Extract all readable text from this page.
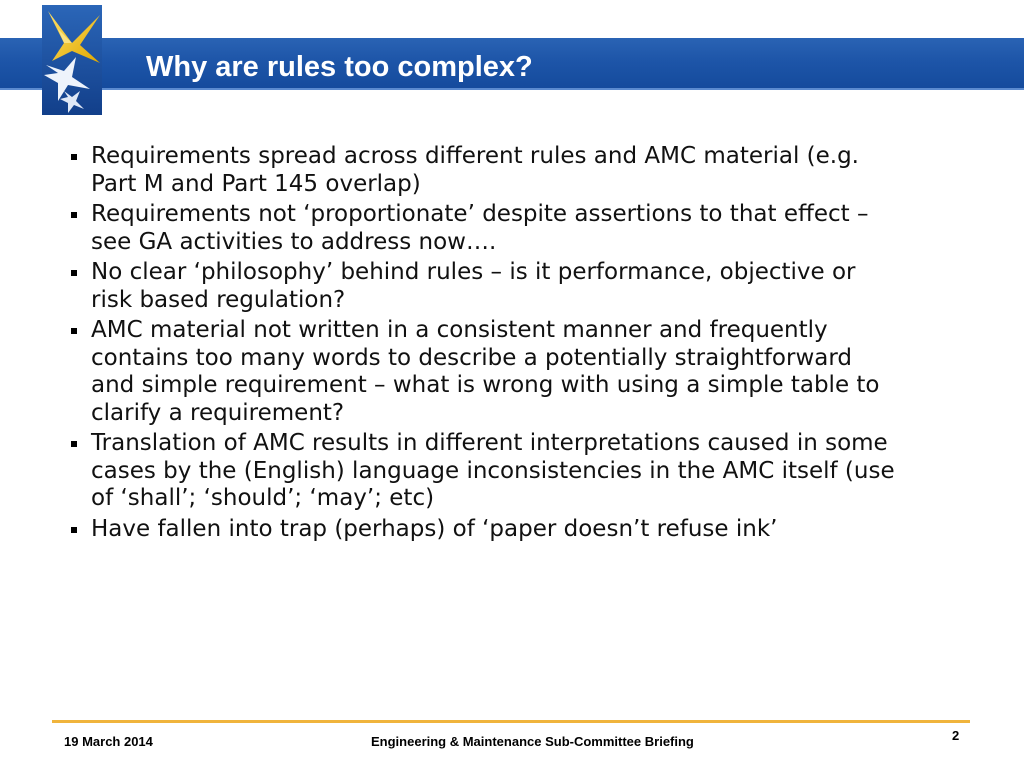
Why are rules too complex?
Requirements spread across different rules and AMC material (e.g. Part M and Part 145 overlap)
Requirements not ‘proportionate’ despite assertions to that effect – see GA activities to address now….
No clear ‘philosophy’ behind rules – is it performance, objective or risk based regulation?
AMC material not written in a consistent manner and frequently contains too many words to describe a potentially straightforward and simple requirement – what is wrong with using a simple table to clarify a requirement?
Translation of AMC results in different interpretations caused in some cases by the (English) language inconsistencies in the AMC itself (use of ‘shall’; ‘should’; ‘may’; etc)
Have fallen into trap (perhaps) of ‘paper doesn’t refuse ink’
19 March 2014	Engineering & Maintenance Sub-Committee Briefing	2
